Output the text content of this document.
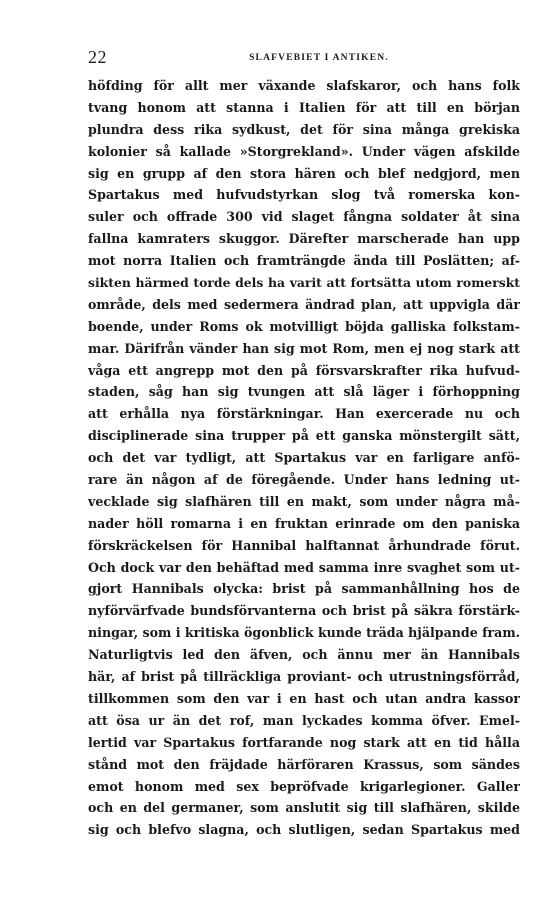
22	SLAFVEBIET I ANTIKEN.
höfding för allt mer växande slafskaror, och hans folk
tvang honom att stanna i Italien för att till en början
plundra dess rika sydkust, det för sina många grekiska
kolonier så kallade »Storgrekland». Under vägen afskilde
sig en grupp af den stora hären och blef nedgjord, men
Spartakus med hufvudstyrkan slog två romerska kon-
suler och offrade 300 vid slaget fångna soldater åt sina
fallna kamraters skuggor. Därefter marscherade han upp
mot norra Italien och framträngde ända till Poslätten; af-
sikten härmed torde dels ha varit att fortsätta utom romerskt
område, dels med sedermera ändrad plan, att uppvigla där
boende, under Roms ok motvilligt böjda galliska folkstam-
mar. Därifrån vänder han sig mot Rom, men ej nog stark att
våga ett angrepp mot den på försvarskrafter rika hufvud-
staden, såg han sig tvungen att slå läger i förhoppning
att erhålla nya förstärkningar. Han exercerade nu och
disciplinerade sina trupper på ett ganska mönstergilt sätt,
och det var tydligt, att Spartakus var en farligare anfö-
rare än någon af de föregående. Under hans ledning ut-
vecklade sig slafhären till en makt, som under några må-
nader höll romarna i en fruktan erinrade om den paniska
förskräckelsen för Hannibal halftannat århundrade förut.
Och dock var den behäftad med samma inre svaghet som ut-
gjort Hannibals olycka: brist på sammanhållning hos de
nyförvärfvade bundsförvanterna och brist på säkra förstärk-
ningar, som i kritiska ögonblick kunde träda hjälpande fram.
Naturligtvis led den äfven, och ännu mer än Hannibals
här, af brist på tillräckliga proviant- och utrustningsförråd,
tillkommen som den var i en hast och utan andra kassor
att ösa ur än det rof, man lyckades komma öfver. Emel-
lertid var Spartakus fortfarande nog stark att en tid hålla
stånd mot den fräjdade härföraren Krassus, som sändes
emot honom med sex bepröfvade krigarlegioner. Galler
och en del germaner, som anslutit sig till slafhären, skilde
sig och blefvo slagna, och slutligen, sedan Spartakus med
